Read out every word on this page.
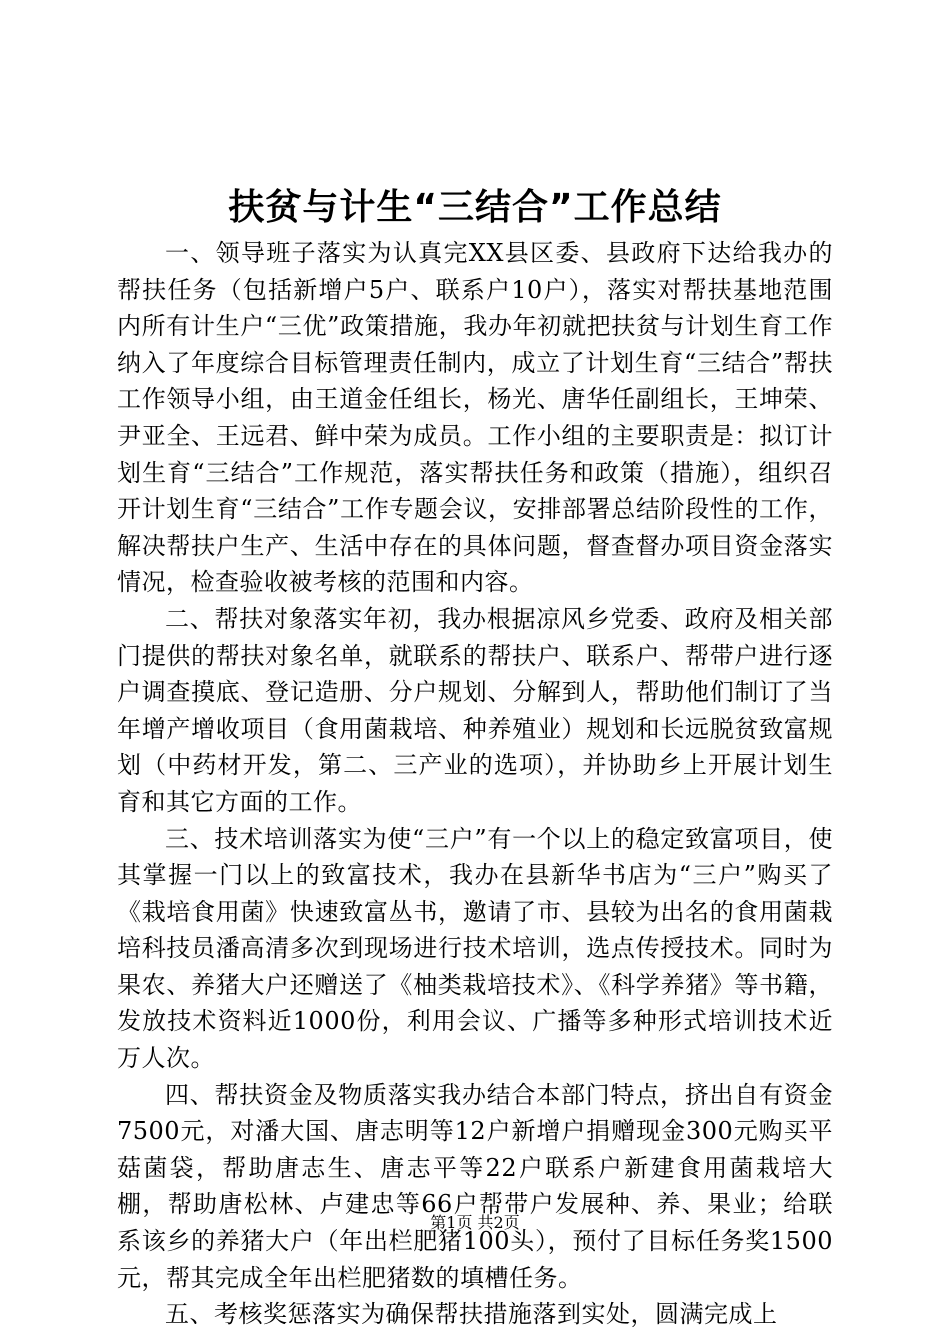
扶贫与计生“三结合”工作总结

一、领导班子落实为认真完XX县区委、县政府下达给我办的帮扶任务（包括新增户5户、联系户10户），落实对帮扶基地范围内所有计生户“三优”政策措施，我办年初就把扶贫与计划生育工作纳入了年度综合目标管理责任制内，成立了计划生育“三结合”帮扶工作领导小组，由王道金任组长，杨光、唐华任副组长，王坤荣、尹亚全、王远君、鲜中荣为成员。工作小组的主要职责是：拟订计划生育“三结合”工作规范，落实帮扶任务和政策（措施），组织召开计划生育“三结合”工作专题会议，安排部署总结阶段性的工作，解决帮扶户生产、生活中存在的具体问题，督查督办项目资金落实情况，检查验收被考核的范围和内容。

二、帮扶对象落实年初，我办根据凉风乡党委、政府及相关部门提供的帮扶对象名单，就联系的帮扶户、联系户、帮带户进行逐户调查摸底、登记造册、分户规划、分解到人，帮助他们制订了当年增产增收项目（食用菌栽培、种养殖业）规划和长远脱贫致富规划（中药材开发，第二、三产业的选项），并协助乡上开展计划生育和其它方面的工作。

三、技术培训落实为使“三户”有一个以上的稳定致富项目，使其掌握一门以上的致富技术，我办在县新华书店为“三户”购买了《栽培食用菌》快速致富丛书，邀请了市、县较为出名的食用菌栽培科技员潘高清多次到现场进行技术培训，选点传授技术。同时为果农、养猪大户还赠送了《柚类栽培技术》、《科学养猪》等书籍，发放技术资料近1000份，利用会议、广播等多种形式培训技术近万人次。

四、帮扶资金及物质落实我办结合本部门特点，挤出自有资金7500元，对潘大国、唐志明等12户新增户捐赠现金300元购买平菇菌袋，帮助唐志生、唐志平等22户联系户新建食用菌栽培大棚，帮助唐松林、卢建忠等66户帮带户发展种、养、果业；给联系该乡的养猪大户（年出栏肥猪100头），预付了目标任务奖1500元，帮其完成全年出栏肥猪数的填槽任务。

五、考核奖惩落实为确保帮扶措施落到实处，圆满完成上

第1页 共2页
